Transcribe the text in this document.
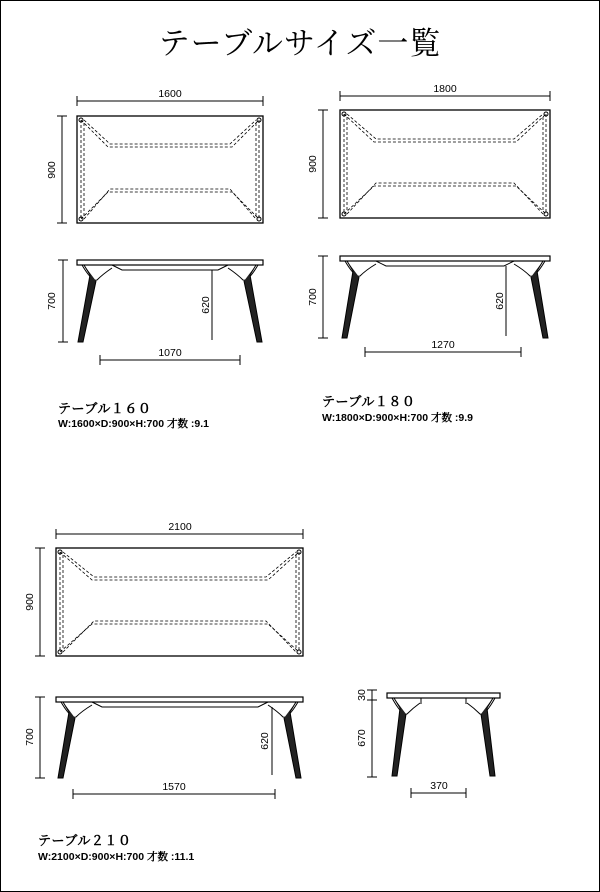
テーブルサイズ一覧
1600
900
700	620
1070
1800
900
700	620
1270
2100
900
700	620
1570
30
670
370
テーブル１６０
W:1600×D:900×H:700 才数 :9.1
テーブル１８０
W:1800×D:900×H:700 才数 :9.9
テーブル２１０
W:2100×D:900×H:700 才数 :11.1
